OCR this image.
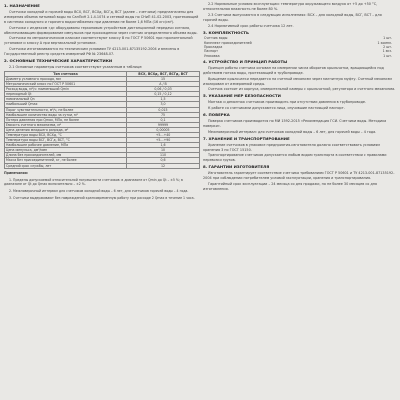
1. НАЗНАЧЕНИЕ

Счетчики холодной и горячей воды ВСХ, ВСГ, ВСХд, ВСГд, ВСТ (далее – счетчики) предназначены для измерения объема питьевой воды по СанПиН 2.1.4.1074 и сетевой воды по СНиП 41-02-2003, протекающей в системах холодного и горячего водоснабжения при давлении не более 1,6 МПа (16 кгс/см²).

Счетчики с индексом «д» оборудованы герконовым устройством дистанционной передачи сигнала, обеспечивающим формирование импульсов при прохождении через счетчик определенного объема воды.

Счетчики по метрологическим классам соответствуют классу В по ГОСТ Р 50601 при горизонтальной установке и классу А при вертикальной установке.

Счетчики изготавливаются по техническим условиям ТУ 4213-001-87135192-2004 и внесены в Государственный реестр средств измерений РФ № 23648-07.

2. ОСНОВНЫЕ ТЕХНИЧЕСКИЕ ХАРАКТЕРИСТИКИ

2.1 Основные параметры счетчиков соответствуют указанным в таблице:

Тип счетчика	ВСХ, ВСХд, ВСГ, ВСГд, ВСТ
Диаметр условного прохода, мм	15
Метрологический класс по ГОСТ Р 50601	А / В
Расход воды, м³/ч: наименьший Qmin	0,06 / 0,03
переходный Qt	0,15 / 0,12
номинальный Qn	1,5
наибольший Qmax	3,0
Порог чувствительности, м³/ч, не более	0,015
Наибольшее количество воды за сутки, м³	75
Потеря давления при Qmax, МПа, не более	0,1
Емкость счетного механизма, м³	99999
Цена деления младшего разряда, м³	0,00005
Температура воды ВСХ, ВСХд, °С	+5…+40
Температура воды ВСГ, ВСГд, ВСТ, °С	+5…+90
Наибольшее рабочее давление, МПа	1,6
Цена импульса, дм³/имп	10
Длина без присоединителей, мм	110
Масса без присоединителей, кг, не более	0,6
Средний срок службы, лет	12
Примечания:

1. Пределы допускаемой относительной погрешности счетчиков: в диапазоне от Qmin до Qt – ±5 %; в диапазоне от Qt до Qmax включительно – ±2 %.

2. Межповерочный интервал для счетчиков холодной воды – 6 лет, для счетчиков горячей воды – 4 года.

3. Счетчики выдерживают без повреждений кратковременную работу при расходе 2 Qmax в течение 1 часа.

2.2 Нормальные условия эксплуатации: температура окружающего воздуха от +5 до +50 °С, относительная влажность не более 80 %.

2.3 Счетчики выпускаются в следующих исполнениях: ВСХ – для холодной воды, ВСГ, ВСТ – для горячей воды.

2.4 Нормативный срок работы счетчика 12 лет.

3. КОМПЛЕКТНОСТЬ
Счетчик воды	1 шт.
Комплект присоединителей	1 компл.
Прокладка	2 шт.
Паспорт	1 экз.
Упаковка	1 шт.
4. УСТРОЙСТВО И ПРИНЦИП РАБОТЫ

Принцип работы счетчика основан на измерении числа оборотов крыльчатки, вращающейся под действием потока воды, протекающей в трубопроводе.

Вращение крыльчатки передается на счетный механизм через магнитную муфту. Счетный механизм изолирован от измеряемой среды.

Счетчик состоит из корпуса, измерительной камеры с крыльчаткой, регулятора и счетного механизма.

5. УКАЗАНИЕ МЕР БЕЗОПАСНОСТИ

Монтаж и демонтаж счетчиков производить при отсутствии давления в трубопроводе.

К работе со счетчиками допускаются лица, изучившие настоящий паспорт.

6. ПОВЕРКА

Поверка счетчиков производится по МИ 1592-2015 «Рекомендация ГСИ. Счетчики воды. Методика поверки».

Межповерочный интервал: для счетчиков холодной воды – 6 лет, для горячей воды – 4 года.

7. ХРАНЕНИЕ И ТРАНСПОРТИРОВАНИЕ

Хранение счетчиков в упаковке предприятия-изготовителя должно соответствовать условиям хранения 3 по ГОСТ 15150.

Транспортирование счетчиков допускается любым видом транспорта в соответствии с правилами перевозки грузов.

8. ГАРАНТИИ ИЗГОТОВИТЕЛЯ

Изготовитель гарантирует соответствие счетчика требованиям ГОСТ Р 50601 и ТУ 4213-001-87135192-2004 при соблюдении потребителем условий эксплуатации, хранения и транспортирования.

Гарантийный срок эксплуатации – 24 месяца со дня продажи, но не более 30 месяцев со дня изготовления.
